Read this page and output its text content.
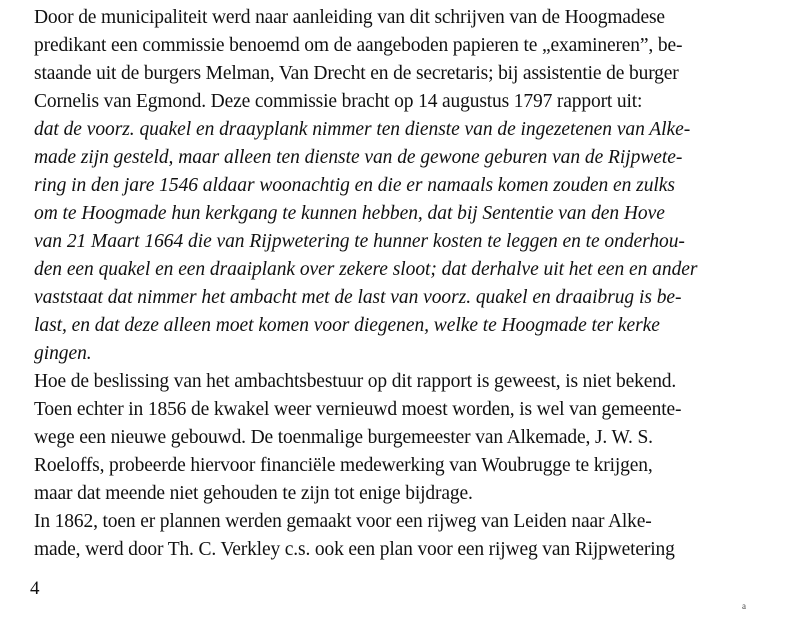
Door de municipaliteit werd naar aanleiding van dit schrijven van de Hoogmadese
predikant een commissie benoemd om de aangeboden papieren te „examineren”, be-
staande uit de burgers Melman, Van Drecht en de secretaris; bij assistentie de burger
Cornelis van Egmond. Deze commissie bracht op 14 augustus 1797 rapport uit:
dat de voorz. quakel en draayplank nimmer ten dienste van de ingezetenen van Alke-
made zijn gesteld, maar alleen ten dienste van de gewone geburen van de Rijpwete-
ring in den jare 1546 aldaar woonachtig en die er namaals komen zouden en zulks
om te Hoogmade hun kerkgang te kunnen hebben, dat bij Sententie van den Hove
van 21 Maart 1664 die van Rijpwetering te hunner kosten te leggen en te onderhou-
den een quakel en een draaiplank over zekere sloot; dat derhalve uit het een en ander
vaststaat dat nimmer het ambacht met de last van voorz. quakel en draaibrug is be-
last, en dat deze alleen moet komen voor diegenen, welke te Hoogmade ter kerke
gingen.
Hoe de beslissing van het ambachtsbestuur op dit rapport is geweest, is niet bekend.
Toen echter in 1856 de kwakel weer vernieuwd moest worden, is wel van gemeente-
wege een nieuwe gebouwd. De toenmalige burgemeester van Alkemade, J. W. S.
Roeloffs, probeerde hiervoor financiële medewerking van Woubrugge te krijgen,
maar dat meende niet gehouden te zijn tot enige bijdrage.
In 1862, toen er plannen werden gemaakt voor een rijweg van Leiden naar Alke-
made, werd door Th. C. Verkley c.s. ook een plan voor een rijweg van Rijpwetering
4
a
